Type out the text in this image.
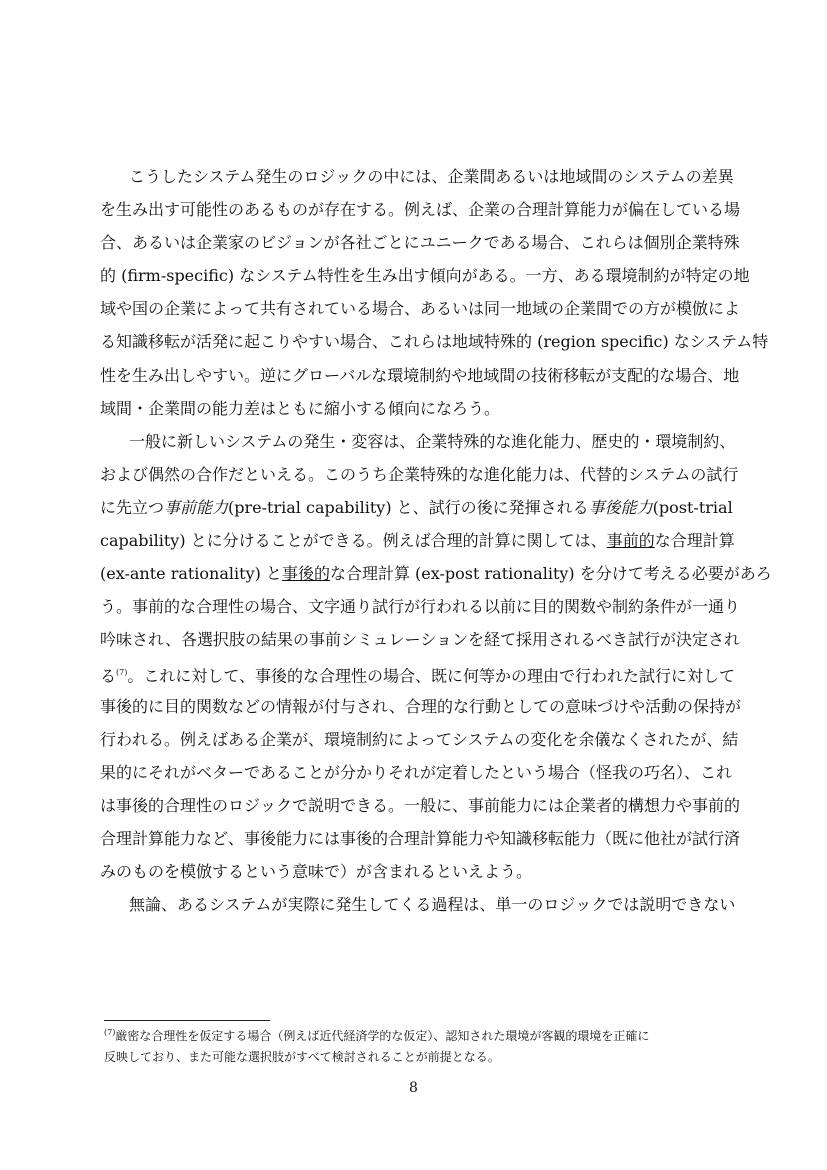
こうしたシステム発生のロジックの中には、企業間あるいは地域間のシステムの差異
を生み出す可能性のあるものが存在する。例えば、企業の合理計算能力が偏在している場
合、あるいは企業家のビジョンが各社ごとにユニークである場合、これらは個別企業特殊
的 (firm-specific) なシステム特性を生み出す傾向がある。一方、ある環境制約が特定の地
域や国の企業によって共有されている場合、あるいは同一地域の企業間での方が模倣によ
る知識移転が活発に起こりやすい場合、これらは地域特殊的 (region specific) なシステム特
性を生み出しやすい。逆にグローバルな環境制約や地域間の技術移転が支配的な場合、地
域間・企業間の能力差はともに縮小する傾向になろう。
一般に新しいシステムの発生・変容は、企業特殊的な進化能力、歴史的・環境制約、
および偶然の合作だといえる。このうち企業特殊的な進化能力は、代替的システムの試行
に先立つ事前能力(pre-trial capability) と、試行の後に発揮される事後能力(post-trial
capability) とに分けることができる。例えば合理的計算に関しては、事前的な合理計算
(ex-ante rationality) と事後的な合理計算 (ex-post rationality) を分けて考える必要があろ
う。事前的な合理性の場合、文字通り試行が行われる以前に目的関数や制約条件が一通り
吟味され、各選択肢の結果の事前シミュレーションを経て採用されるべき試行が決定され
る$^{(7)}$。これに対して、事後的な合理性の場合、既に何等かの理由で行われた試行に対して
事後的に目的関数などの情報が付与され、合理的な行動としての意味づけや活動の保持が
行われる。例えばある企業が、環境制約によってシステムの変化を余儀なくされたが、結
果的にそれがベターであることが分かりそれが定着したという場合（怪我の巧名）、これ
は事後的合理性のロジックで説明できる。一般に、事前能力には企業者的構想力や事前的
合理計算能力など、事後能力には事後的合理計算能力や知識移転能力（既に他社が試行済
みのものを模倣するという意味で）が含まれるといえよう。
無論、あるシステムが実際に発生してくる過程は、単一のロジックでは説明できない
$^{(7)}$厳密な合理性を仮定する場合（例えば近代経済学的な仮定）、認知された環境が客観的環境を正確に
反映しており、また可能な選択肢がすべて検討されることが前提となる。
8
